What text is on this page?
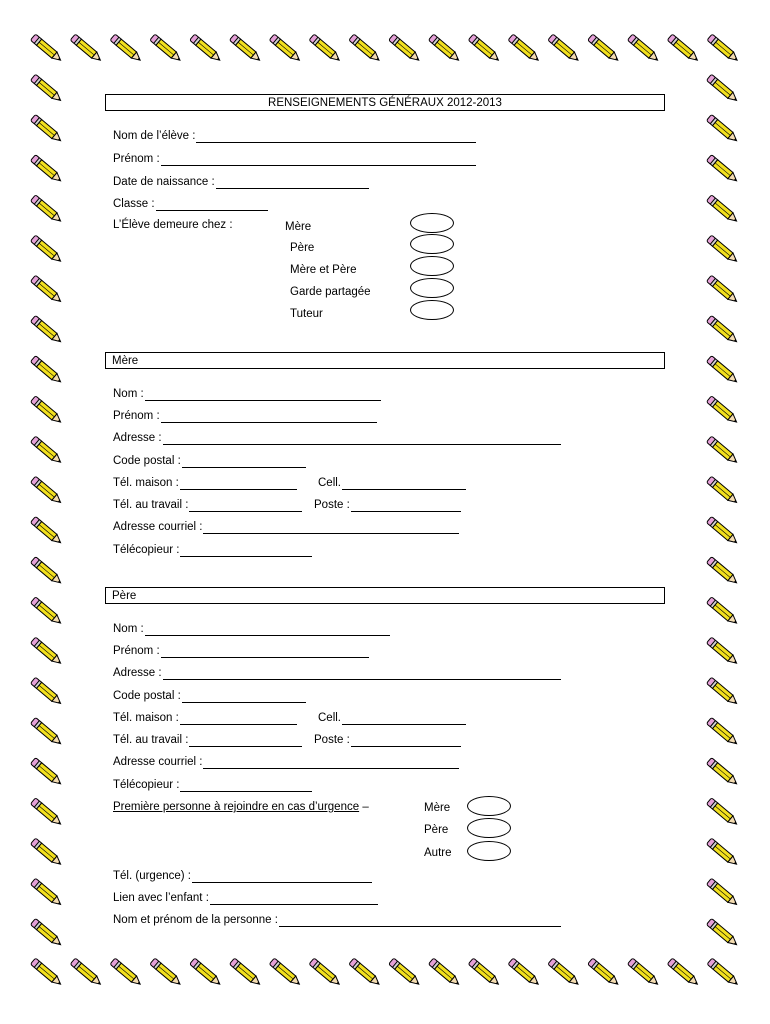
RENSEIGNEMENTS GÉNÉRAUX 2012-2013
Nom de l’élève :
Prénom :
Date de naissance :
Classe :
L’Élève demeure chez :	Mère
Père
Mère et Père
Garde partagée
Tuteur
Mère
Nom :
Prénom :
Adresse :
Code postal :
Tél. maison :	Cell.
Tél. au travail :	Poste :
Adresse courriel :
Télécopieur :
Père
Nom :
Prénom :
Adresse :
Code postal :
Tél. maison :	Cell.
Tél. au travail :	Poste :
Adresse courriel :
Télécopieur :
Première personne à rejoindre en cas d’urgence –	Mère
Père
Autre
Tél. (urgence) :
Lien avec l’enfant :
Nom et prénom de la personne :
